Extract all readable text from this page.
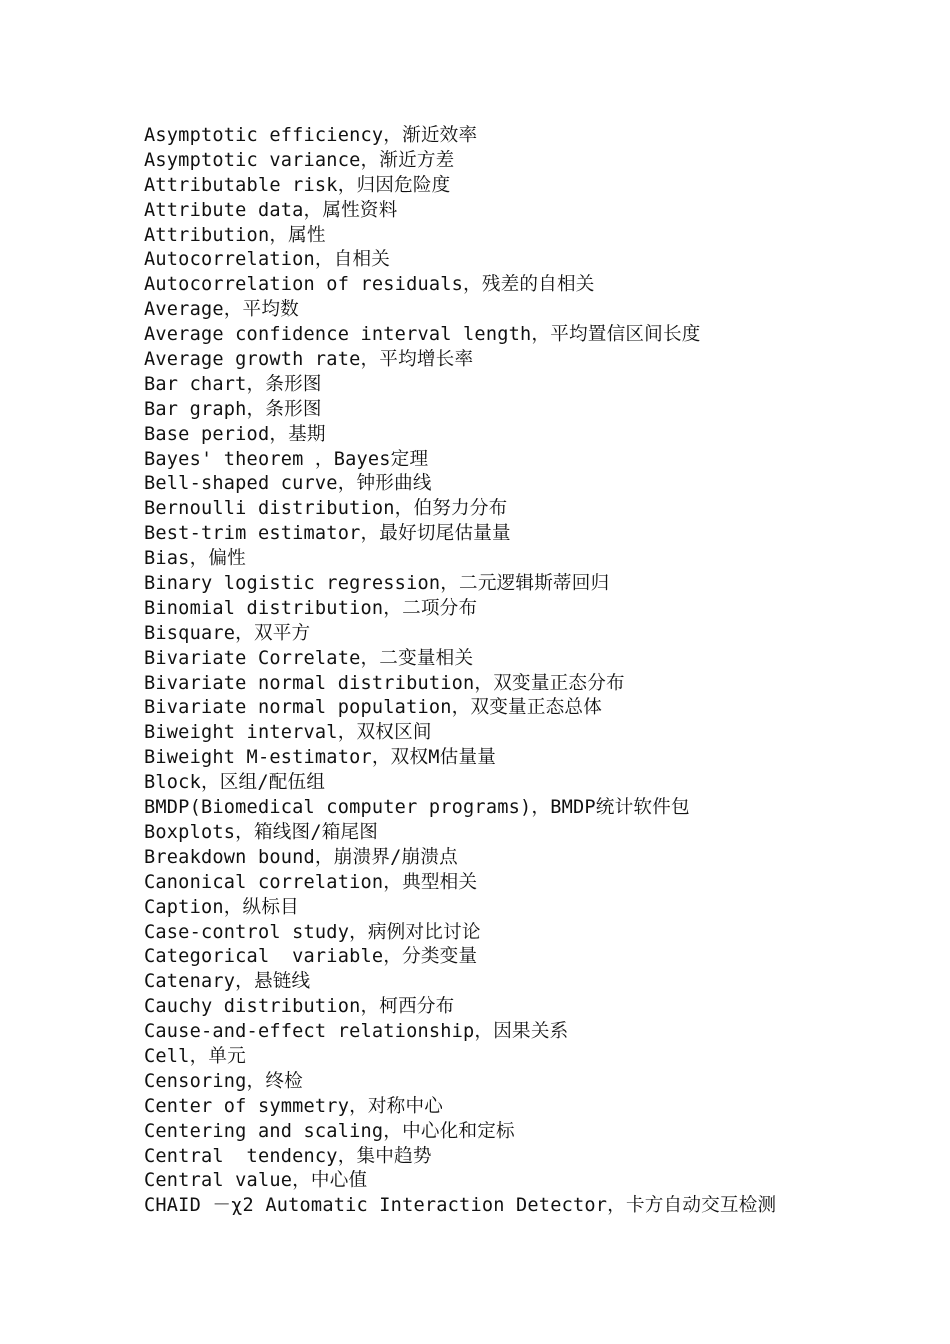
Asymptotic efficiency，渐近效率
Asymptotic variance，渐近方差
Attributable risk，归因危险度
Attribute data，属性资料
Attribution，属性
Autocorrelation，自相关
Autocorrelation of residuals，残差的自相关
Average，平均数
Average confidence interval length，平均置信区间长度
Average growth rate，平均增长率
Bar chart，条形图
Bar graph，条形图
Base period，基期
Bayes' theorem ，Bayes定理
Bell-shaped curve，钟形曲线
Bernoulli distribution，伯努力分布
Best-trim estimator，最好切尾估量量
Bias，偏性
Binary logistic regression，二元逻辑斯蒂回归
Binomial distribution，二项分布
Bisquare，双平方
Bivariate Correlate，二变量相关
Bivariate normal distribution，双变量正态分布
Bivariate normal population，双变量正态总体
Biweight interval，双权区间
Biweight M-estimator，双权M估量量
Block，区组/配伍组
BMDP(Biomedical computer programs)，BMDP统计软件包
Boxplots，箱线图/箱尾图
Breakdown bound，崩溃界/崩溃点
Canonical correlation，典型相关
Caption，纵标目
Case-control study，病例对比讨论
Categorical  variable，分类变量
Catenary，悬链线
Cauchy distribution，柯西分布
Cause-and-effect relationship，因果关系
Cell，单元
Censoring，终检
Center of symmetry，对称中心
Centering and scaling，中心化和定标
Central  tendency，集中趋势
Central value，中心值
CHAID －χ2 Automatic Interaction Detector，卡方自动交互检测
